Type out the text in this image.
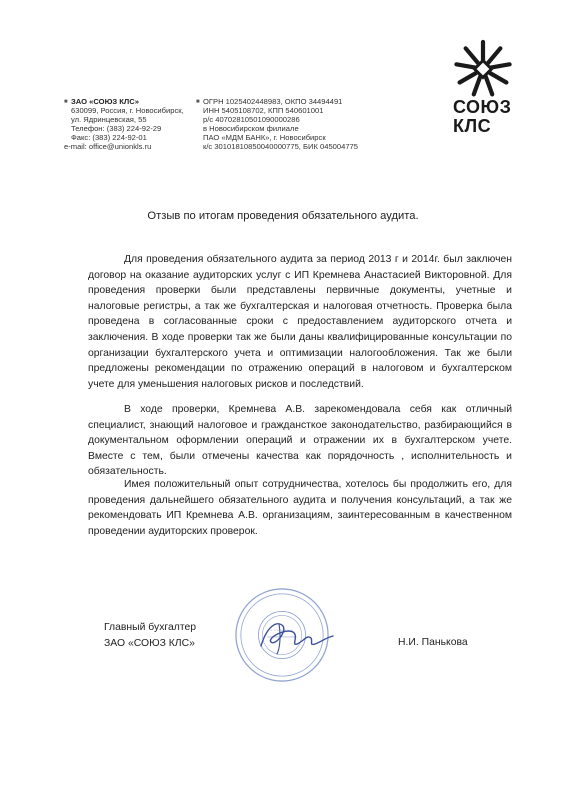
СОЮЗ
КЛС
■ ЗАО «СОЮЗ КЛС»
630099, Россия, г. Новосибирск,
ул. Ядринцевская, 55
Телефон: (383) 224-92-29
Факс: (383) 224-92-01
e-mail: office@unionkls.ru
■ ОГРН 1025402448983, ОКПО 34494491
ИНН 5405108702, КПП 540601001
р/с 40702810501090000286
в Новосибирском филиале
ПАО «МДМ БАНК», г. Новосибирск
к/с 30101810850040000775, БИК 045004775
Отзыв по итогам проведения обязательного аудита.
Для проведения обязательного аудита за период 2013 г и 2014г. был заключен договор на оказание аудиторских услуг с ИП Кремнева Анастасией Викторовной. Для проведения проверки были представлены первичные документы, учетные и налоговые регистры, а так же бухгалтерская и налоговая отчетность. Проверка была проведена в согласованные сроки с предоставлением аудиторского отчета и заключения. В ходе проверки так же были даны квалифицированные консультации по организации бухгалтерского учета и оптимизации налогообложения. Так же были предложены рекомендации по отражению операций в налоговом и бухгалтерском учете для уменьшения налоговых рисков и последствий.
В ходе проверки, Кремнева А.В. зарекомендовала себя как отличный специалист, знающий налоговое и граждансткое законодательство, разбирающийся в документальном оформлении операций и отражении их в бухгалтерском учете. Вместе с тем, были отмечены качества как порядочность , исполнительность и обязательность.
Имея положительный опыт сотрудничества, хотелось бы продолжить его, для проведения дальнейшего обязательного аудита и получения консультаций, а так же рекомендовать ИП Кремнева А.В. организациям, заинтересованным в качественном проведении аудиторских проверок.
Главный бухгалтер
ЗАО «СОЮЗ КЛС»	Н.И. Панькова
